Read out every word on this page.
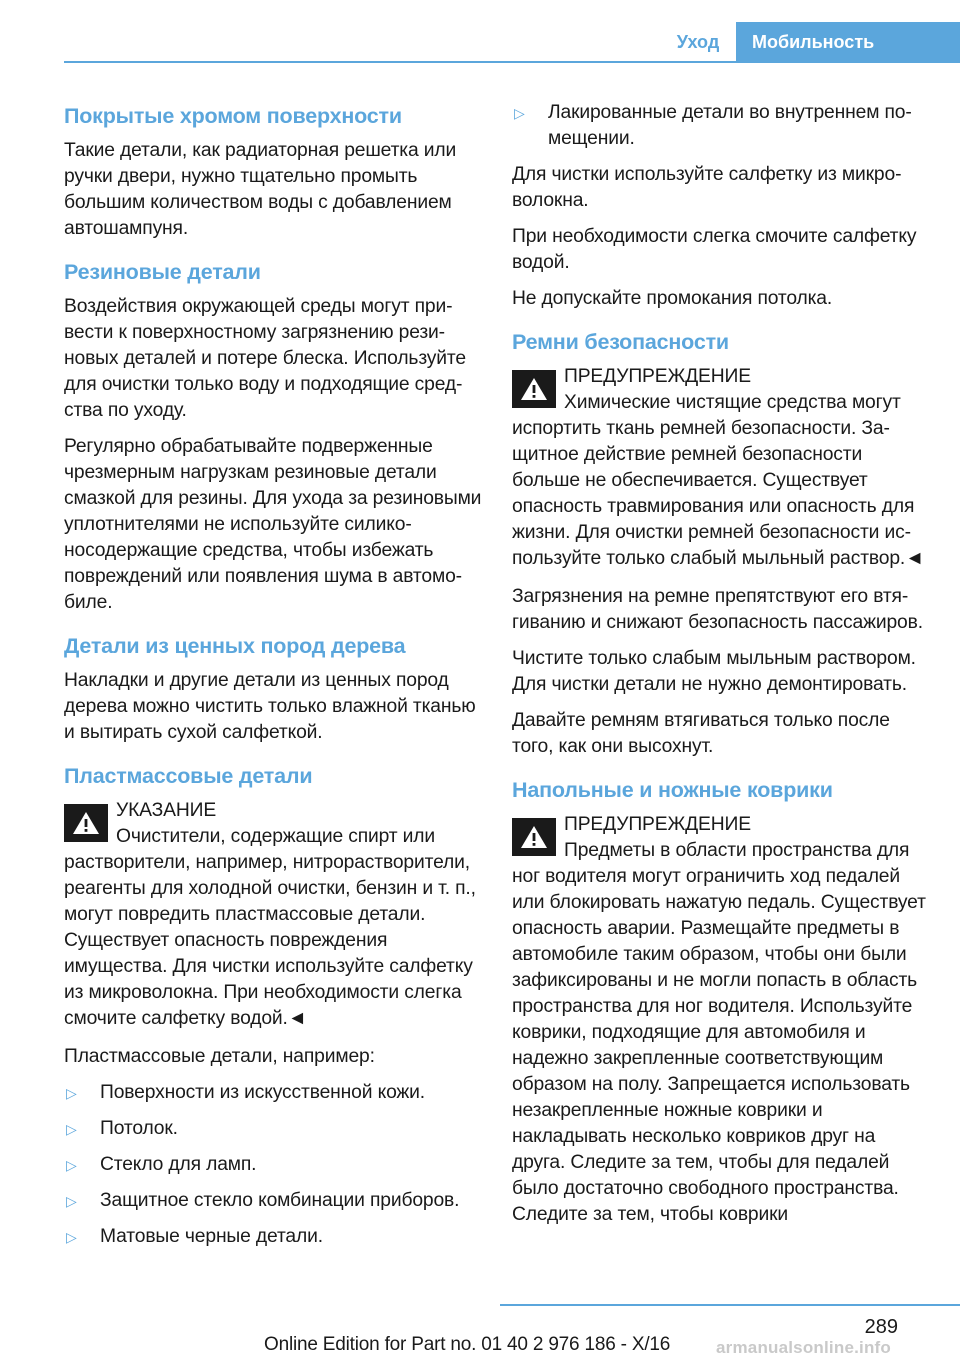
Уход	Мобильность
Покрытые хромом поверхности

Такие детали, как радиаторная решетка или ручки двери, нужно тщательно промыть большим количеством воды с добавлением автошампуня.

Резиновые детали

Воздействия окружающей среды могут привести к поверхностному загрязнению резиновых деталей и потере блеска. Используйте для очистки только воду и подходящие средства по уходу.

Регулярно обрабатывайте подверженные чрезмерным нагрузкам резиновые детали смазкой для резины. Для ухода за резиновыми уплотнителями не используйте силиконосодержащие средства, чтобы избежать повреждений или появления шума в автомобиле.

Детали из ценных пород дерева

Накладки и другие детали из ценных пород дерева можно чистить только влажной тканью и вытирать сухой салфеткой.

Пластмассовые детали
УКАЗАНИЕ
Очистители, содержащие спирт или
растворители, например, нитрорастворители, реагенты для холодной очистки, бензин и т. п., могут повредить пластмассовые детали. Существует опасность повреждения имущества. Для чистки используйте салфетку из микроволокна. При необходимости слегка смочите салфетку водой.◄

Пластмассовые детали, например:

▷ Поверхности из искусственной кожи.
▷ Потолок.
▷ Стекло для ламп.
▷ Защитное стекло комбинации приборов.
▷ Матовые черные детали.
▷ Лакированные детали во внутреннем помещении.

Для чистки используйте салфетку из микроволокна.

При необходимости слегка смочите салфетку водой.

Не допускайте промокания потолка.

Ремни безопасности
ПРЕДУПРЕЖДЕНИЕ
Химические чистящие средства могут
испортить ткань ремней безопасности. Защитное действие ремней безопасности больше не обеспечивается. Существует опасность травмирования или опасность для жизни. Для очистки ремней безопасности используйте только слабый мыльный раствор.◄

Загрязнения на ремне препятствуют его втягиванию и снижают безопасность пассажиров.

Чистите только слабым мыльным раствором. Для чистки детали не нужно демонтировать.

Давайте ремням втягиваться только после того, как они высохнут.

Напольные и ножные коврики
ПРЕДУПРЕЖДЕНИЕ
Предметы в области пространства для
ног водителя могут ограничить ход педалей или блокировать нажатую педаль. Существует опасность аварии. Размещайте предметы в автомобиле таким образом, чтобы они были зафиксированы и не могли попасть в область пространства для ног водителя. Используйте коврики, подходящие для автомобиля и надежно закрепленные соответствующим образом на полу. Запрещается использовать незакрепленные ножные коврики и накладывать несколько ковриков друг на друга. Следите за тем, чтобы для педалей было достаточно свободного пространства. Следите за тем, чтобы коврики
289
Online Edition for Part no. 01 40 2 976 186 - X/16	armanualsonline.info
